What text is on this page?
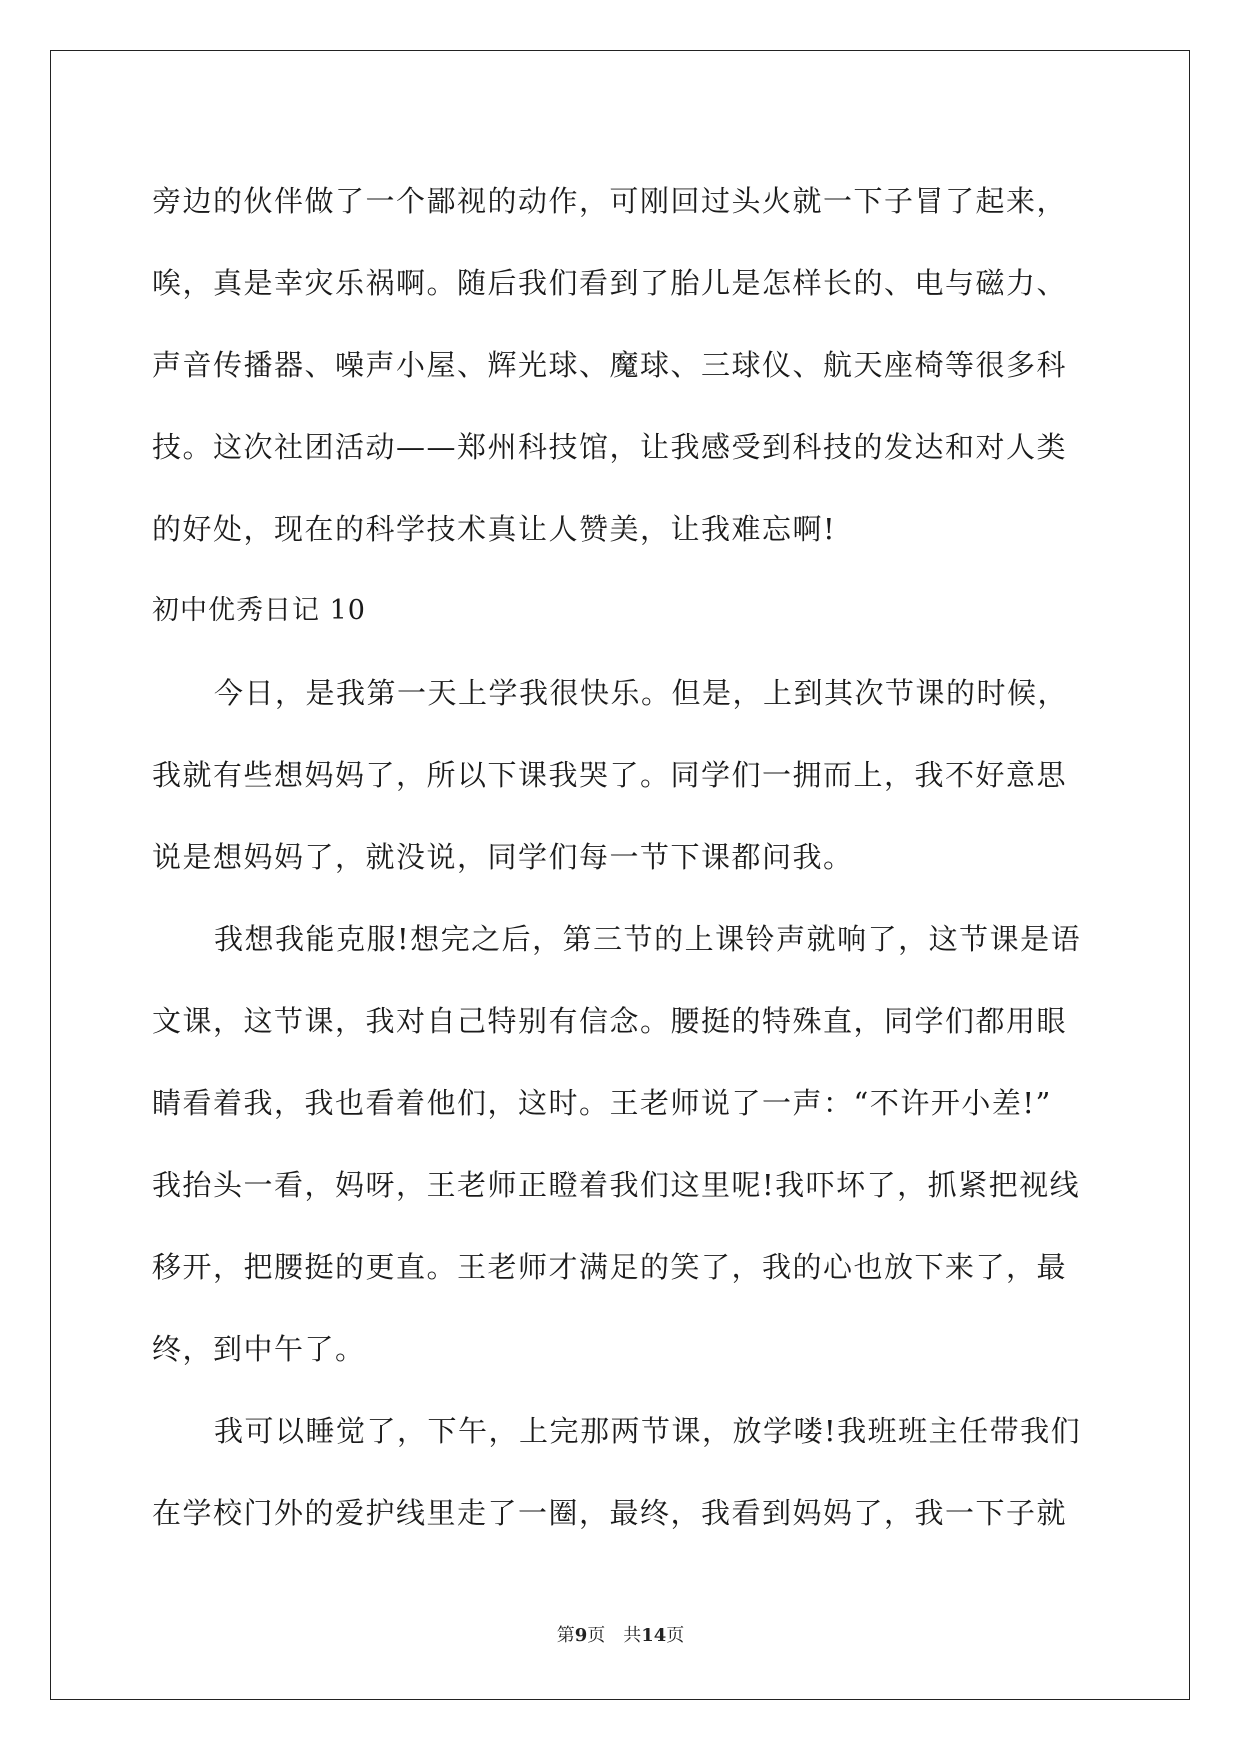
旁边的伙伴做了一个鄙视的动作，可刚回过头火就一下子冒了起来，

唉，真是幸灾乐祸啊。随后我们看到了胎儿是怎样长的、电与磁力、

声音传播器、噪声小屋、辉光球、魔球、三球仪、航天座椅等很多科

技。这次社团活动——郑州科技馆，让我感受到科技的发达和对人类

的好处，现在的科学技术真让人赞美，让我难忘啊!

初中优秀日记 10

今日，是我第一天上学我很快乐。但是，上到其次节课的时候，

我就有些想妈妈了，所以下课我哭了。同学们一拥而上，我不好意思

说是想妈妈了，就没说，同学们每一节下课都问我。

我想我能克服!想完之后，第三节的上课铃声就响了，这节课是语

文课，这节课，我对自己特别有信念。腰挺的特殊直，同学们都用眼

睛看着我，我也看着他们，这时。王老师说了一声：“不许开小差!”

我抬头一看，妈呀，王老师正瞪着我们这里呢!我吓坏了，抓紧把视线

移开，把腰挺的更直。王老师才满足的笑了，我的心也放下来了，最

终，到中午了。

我可以睡觉了，下午，上完那两节课，放学喽!我班班主任带我们

在学校门外的爱护线里走了一圈，最终，我看到妈妈了，我一下子就

第9页 共14页
